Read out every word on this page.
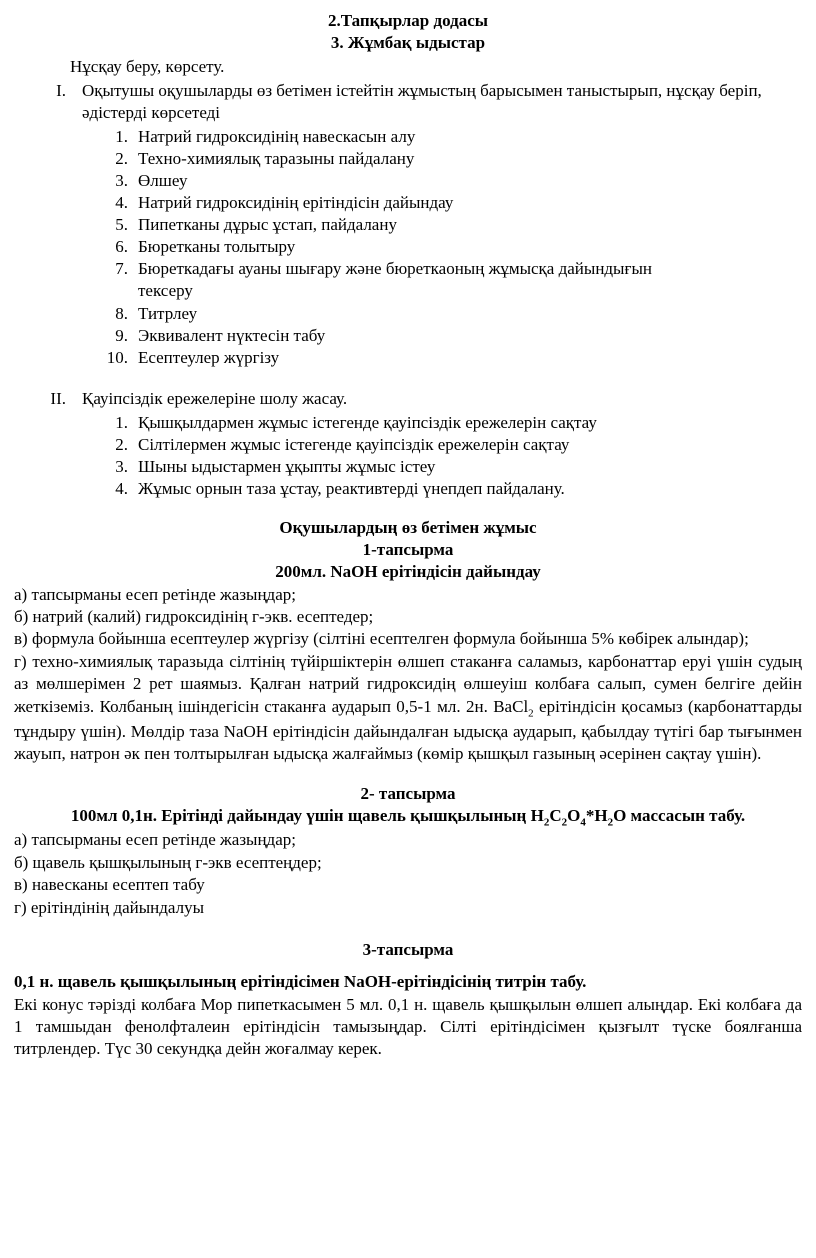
2.Тапқырлар додасы
3. Жұмбақ ыдыстар
Нұсқау беру, көрсету.
I. Оқытушы оқушыларды өз бетімен істейтін жұмыстың барысымен таныстырып, нұсқау беріп, әдістерді көрсетеді
1. Натрий гидроксидінің навескасын алу
2. Техно-химиялық таразыны пайдалану
3. Өлшеу
4. Натрий гидроксидінің ерітіндісін дайындау
5. Пипетканы дұрыс ұстап, пайдалану
6. Бюретканы толытыру
7. Бюреткадағы ауаны шығару және бюреткаоның жұмысқа дайындығын тексеру
8. Титрлеу
9. Эквивалент нүктесін табу
10. Есептеулер жүргізу
II. Қауіпсіздік ережелеріне шолу жасау.
1. Қышқылдармен жұмыс істегенде қауіпсіздік ережелерін сақтау
2. Сілтілермен жұмыс істегенде қауіпсіздік ережелерін сақтау
3. Шыны ыдыстармен ұқыпты жұмыс істеу
4. Жұмыс орнын таза ұстау, реактивтерді үнепдеп пайдалану.
Оқушылардың өз бетімен жұмыс
1-тапсырма
200мл. NaOH ерітіндісін дайындау
а) тапсырманы есеп ретінде жазыңдар;
б) натрий (калий) гидроксидінің г-экв. есептедер;
в) формула бойынша есептеулер жүргізу (сілтіні есептелген формула бойынша 5% көбірек алындар);
г) техно-химиялық таразыда сілтінің түйіршіктерін өлшеп стаканға саламыз, карбонаттар еруі үшін судың аз мөлшерімен 2 рет шаямыз. Қалған натрий гидроксидің өлшеуіш колбаға салып, сумен белгіге дейін жеткіземіз. Колбаның ішіндегісін стаканға аударып 0,5-1 мл. 2н. BaCl$_2$ ерітіндісін қосамыз (карбонаттарды тұндыру үшін). Мөлдір таза NaOH ерітіндісін дайындалған ыдысқа аударып, қабылдау түтігі бар тығынмен жауып, натрон әк пен толтырылған ыдысқа жалғаймыз (көмір қышқыл газының әсерінен сақтау үшін).
2- тапсырма
100мл 0,1н. Ерітінді дайындау үшін щавель қышқылының $H_2C_2O_4*H_2O$ массасын табу.
а) тапсырманы есеп ретінде жазыңдар;
б) щавель қышқылының г-экв есептеңдер;
в) навесканы есептеп табу
г) ерітіндінің дайындалуы
3-тапсырма
0,1 н. щавель қышқылының ерітіндісімен NaOH-ерітіндісінің титрін табу.
Екі конус тәрізді колбаға Мор пипеткасымен 5 мл. 0,1 н. щавель қышқылын өлшеп алыңдар. Екі колбаға да 1 тамшыдан фенолфталеин ерітіндісін тамызыңдар. Сілті ерітіндісімен қызғылт түске боялғанша титрлендер. Түс 30 секундқа дейн жоғалмау керек.
